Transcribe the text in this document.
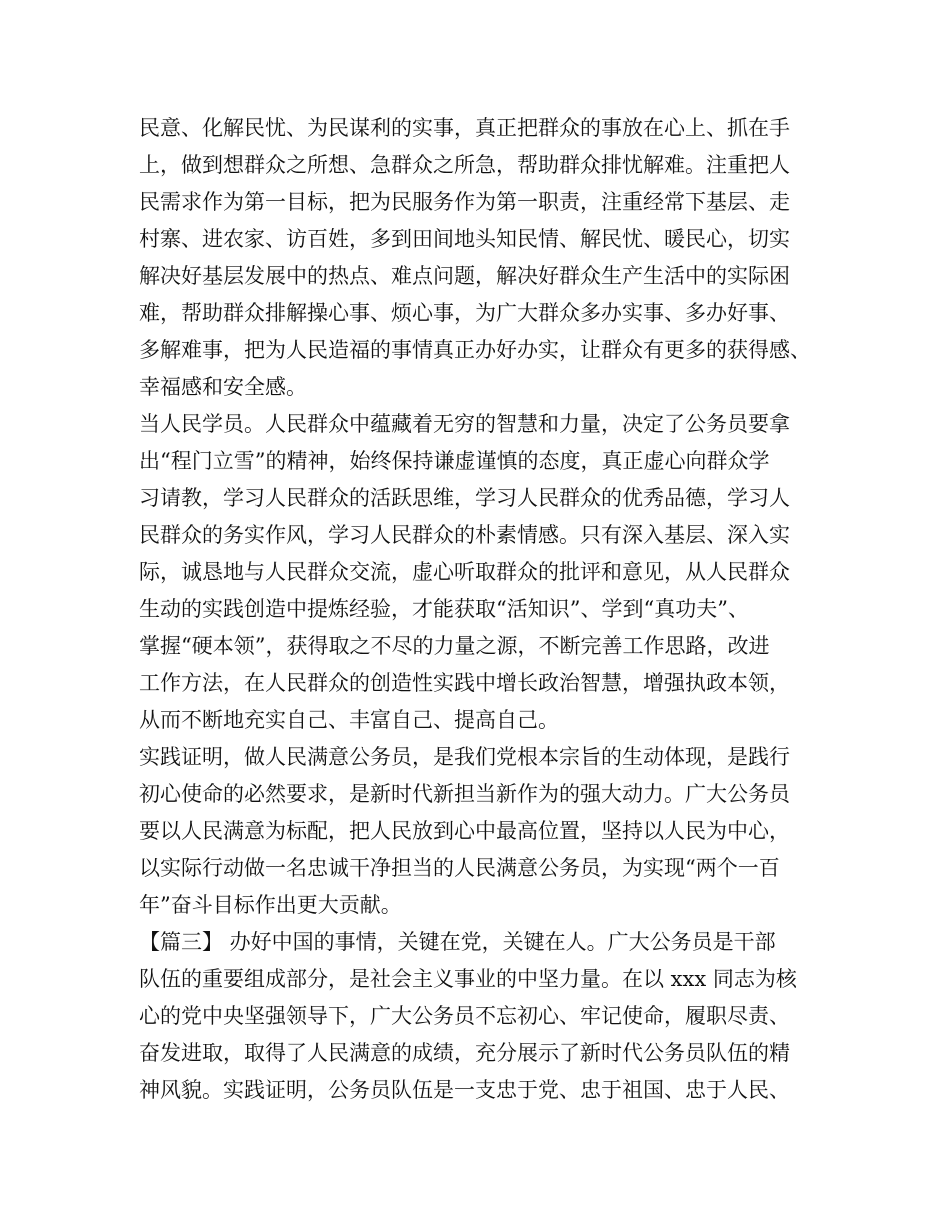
民意、化解民忧、为民谋利的实事，真正把群众的事放在心上、抓在手
上，做到想群众之所想、急群众之所急，帮助群众排忧解难。注重把人
民需求作为第一目标，把为民服务作为第一职责，注重经常下基层、走
村寨、进农家、访百姓，多到田间地头知民情、解民忧、暖民心，切实
解决好基层发展中的热点、难点问题，解决好群众生产生活中的实际困
难，帮助群众排解操心事、烦心事，为广大群众多办实事、多办好事、
多解难事，把为人民造福的事情真正办好办实，让群众有更多的获得感、
幸福感和安全感。
当人民学员。人民群众中蕴藏着无穷的智慧和力量，决定了公务员要拿
出“程门立雪”的精神，始终保持谦虚谨慎的态度，真正虚心向群众学
习请教，学习人民群众的活跃思维，学习人民群众的优秀品德，学习人
民群众的务实作风，学习人民群众的朴素情感。只有深入基层、深入实
际，诚恳地与人民群众交流，虚心听取群众的批评和意见，从人民群众
生动的实践创造中提炼经验，才能获取“活知识”、学到“真功夫”、
掌握“硬本领”，获得取之不尽的力量之源，不断完善工作思路，改进
工作方法，在人民群众的创造性实践中增长政治智慧，增强执政本领，
从而不断地充实自己、丰富自己、提高自己。
实践证明，做人民满意公务员，是我们党根本宗旨的生动体现，是践行
初心使命的必然要求，是新时代新担当新作为的强大动力。广大公务员
要以人民满意为标配，把人民放到心中最高位置，坚持以人民为中心，
以实际行动做一名忠诚干净担当的人民满意公务员，为实现“两个一百
年”奋斗目标作出更大贡献。
【篇三】 办好中国的事情，关键在党，关键在人。广大公务员是干部
队伍的重要组成部分，是社会主义事业的中坚力量。在以 xxx 同志为核
心的党中央坚强领导下，广大公务员不忘初心、牢记使命，履职尽责、
奋发进取，取得了人民满意的成绩，充分展示了新时代公务员队伍的精
神风貌。实践证明，公务员队伍是一支忠于党、忠于祖国、忠于人民、
